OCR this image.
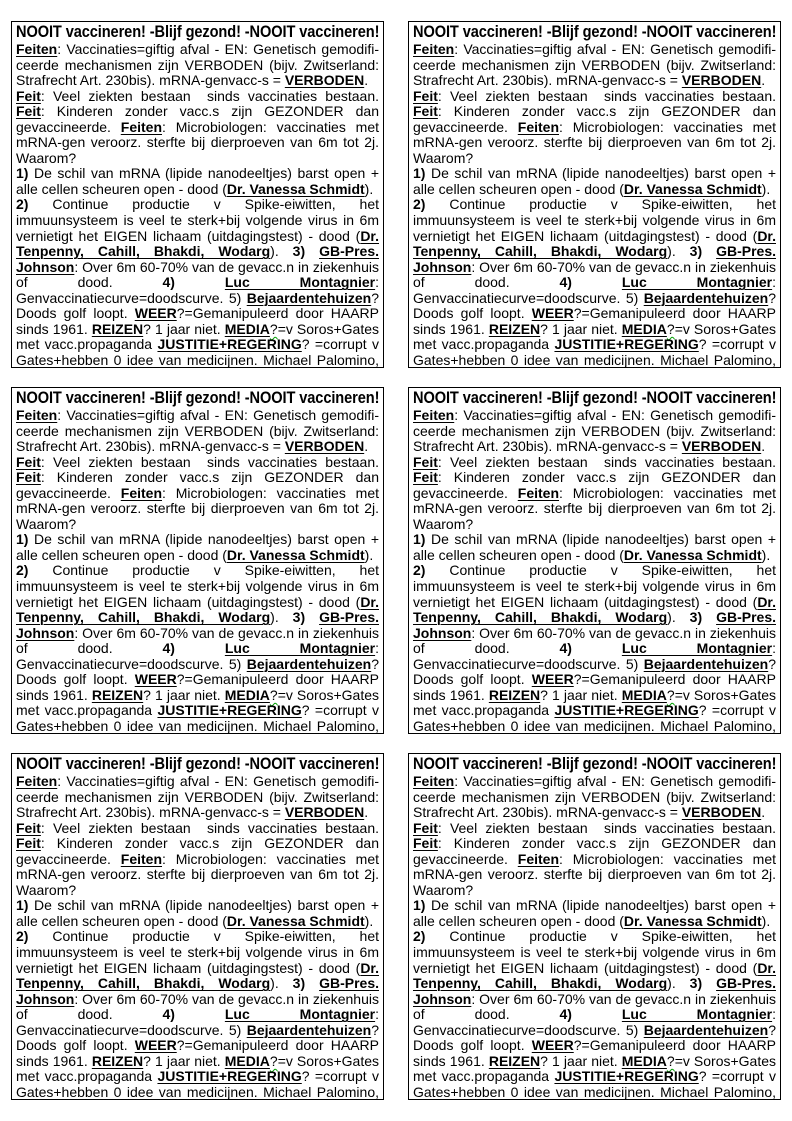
NOOIT vaccineren! -Blijf gezond! -NOOIT vaccineren!

Feiten: Vaccinaties=giftig afval - EN: Genetisch gemodificeerde mechanismen zijn VERBODEN (bijv. Zwitserland: Strafrecht Art. 230bis). mRNA-genvacc-s = VERBODEN.

Feit: Veel ziekten bestaan  sinds vaccinaties bestaan. Feit: Kinderen zonder vacc.s zijn GEZONDER dan gevaccineerde. Feiten: Microbiologen: vaccinaties met mRNA-gen veroorz. sterfte bij dierproeven van 6m tot 2j. Waarom?

1) De schil van mRNA (lipide nanodeeltjes) barst open + alle cellen scheuren open - dood (Dr. Vanessa Schmidt).

2) Continue productie v Spike-eiwitten, het immuunsysteem is veel te sterk+bij volgende virus in 6m vernietigt het EIGEN lichaam (uitdagingstest) - dood (Dr. Tenpenny, Cahill, Bhakdi, Wodarg). 3) GB-Pres. Johnson: Over 6m 60-70% van de gevacc.n in ziekenhuis of dood. 4)	Luc Montagnier: Genvaccinatiecurve=doodscurve. 5) Bejaardentehuizen? Doods golf loopt. WEER?=Gemanipuleerd door HAARP sinds 1961. REIZEN? 1 jaar niet. MEDIA?=v Soros+Gates met vacc.propaganda JUSTITIE+REGERING? =corrupt v Gates+hebben 0 idee van medicijnen. Michael Palomino,

NOOIT vaccineren! -Blijf gezond! -NOOIT vaccineren!

Feiten: Vaccinaties=giftig afval - EN: Genetisch gemodificeerde mechanismen zijn VERBODEN (bijv. Zwitserland: Strafrecht Art. 230bis). mRNA-genvacc-s = VERBODEN.

Feit: Veel ziekten bestaan  sinds vaccinaties bestaan. Feit: Kinderen zonder vacc.s zijn GEZONDER dan gevaccineerde. Feiten: Microbiologen: vaccinaties met mRNA-gen veroorz. sterfte bij dierproeven van 6m tot 2j. Waarom?

1) De schil van mRNA (lipide nanodeeltjes) barst open + alle cellen scheuren open - dood (Dr. Vanessa Schmidt).

2) Continue productie v Spike-eiwitten, het immuunsysteem is veel te sterk+bij volgende virus in 6m vernietigt het EIGEN lichaam (uitdagingstest) - dood (Dr. Tenpenny, Cahill, Bhakdi, Wodarg). 3) GB-Pres. Johnson: Over 6m 60-70% van de gevacc.n in ziekenhuis of dood. 4)	Luc Montagnier: Genvaccinatiecurve=doodscurve. 5) Bejaardentehuizen? Doods golf loopt. WEER?=Gemanipuleerd door HAARP sinds 1961. REIZEN? 1 jaar niet. MEDIA?=v Soros+Gates met vacc.propaganda JUSTITIE+REGERING? =corrupt v Gates+hebben 0 idee van medicijnen. Michael Palomino,

NOOIT vaccineren! -Blijf gezond! -NOOIT vaccineren!

Feiten: Vaccinaties=giftig afval - EN: Genetisch gemodificeerde mechanismen zijn VERBODEN (bijv. Zwitserland: Strafrecht Art. 230bis). mRNA-genvacc-s = VERBODEN.

Feit: Veel ziekten bestaan  sinds vaccinaties bestaan. Feit: Kinderen zonder vacc.s zijn GEZONDER dan gevaccineerde. Feiten: Microbiologen: vaccinaties met mRNA-gen veroorz. sterfte bij dierproeven van 6m tot 2j. Waarom?

1) De schil van mRNA (lipide nanodeeltjes) barst open + alle cellen scheuren open - dood (Dr. Vanessa Schmidt).

2) Continue productie v Spike-eiwitten, het immuunsysteem is veel te sterk+bij volgende virus in 6m vernietigt het EIGEN lichaam (uitdagingstest) - dood (Dr. Tenpenny, Cahill, Bhakdi, Wodarg). 3) GB-Pres. Johnson: Over 6m 60-70% van de gevacc.n in ziekenhuis of dood. 4)	Luc Montagnier: Genvaccinatiecurve=doodscurve. 5) Bejaardentehuizen? Doods golf loopt. WEER?=Gemanipuleerd door HAARP sinds 1961. REIZEN? 1 jaar niet. MEDIA?=v Soros+Gates met vacc.propaganda JUSTITIE+REGERING? =corrupt v Gates+hebben 0 idee van medicijnen. Michael Palomino,

NOOIT vaccineren! -Blijf gezond! -NOOIT vaccineren!

Feiten: Vaccinaties=giftig afval - EN: Genetisch gemodificeerde mechanismen zijn VERBODEN (bijv. Zwitserland: Strafrecht Art. 230bis). mRNA-genvacc-s = VERBODEN.

Feit: Veel ziekten bestaan  sinds vaccinaties bestaan. Feit: Kinderen zonder vacc.s zijn GEZONDER dan gevaccineerde. Feiten: Microbiologen: vaccinaties met mRNA-gen veroorz. sterfte bij dierproeven van 6m tot 2j. Waarom?

1) De schil van mRNA (lipide nanodeeltjes) barst open + alle cellen scheuren open - dood (Dr. Vanessa Schmidt).

2) Continue productie v Spike-eiwitten, het immuunsysteem is veel te sterk+bij volgende virus in 6m vernietigt het EIGEN lichaam (uitdagingstest) - dood (Dr. Tenpenny, Cahill, Bhakdi, Wodarg). 3) GB-Pres. Johnson: Over 6m 60-70% van de gevacc.n in ziekenhuis of dood. 4)	Luc Montagnier: Genvaccinatiecurve=doodscurve. 5) Bejaardentehuizen? Doods golf loopt. WEER?=Gemanipuleerd door HAARP sinds 1961. REIZEN? 1 jaar niet. MEDIA?=v Soros+Gates met vacc.propaganda JUSTITIE+REGERING? =corrupt v Gates+hebben 0 idee van medicijnen. Michael Palomino,

NOOIT vaccineren! -Blijf gezond! -NOOIT vaccineren!

Feiten: Vaccinaties=giftig afval - EN: Genetisch gemodificeerde mechanismen zijn VERBODEN (bijv. Zwitserland: Strafrecht Art. 230bis). mRNA-genvacc-s = VERBODEN.

Feit: Veel ziekten bestaan  sinds vaccinaties bestaan. Feit: Kinderen zonder vacc.s zijn GEZONDER dan gevaccineerde. Feiten: Microbiologen: vaccinaties met mRNA-gen veroorz. sterfte bij dierproeven van 6m tot 2j. Waarom?

1) De schil van mRNA (lipide nanodeeltjes) barst open + alle cellen scheuren open - dood (Dr. Vanessa Schmidt).

2) Continue productie v Spike-eiwitten, het immuunsysteem is veel te sterk+bij volgende virus in 6m vernietigt het EIGEN lichaam (uitdagingstest) - dood (Dr. Tenpenny, Cahill, Bhakdi, Wodarg). 3) GB-Pres. Johnson: Over 6m 60-70% van de gevacc.n in ziekenhuis of dood. 4)	Luc Montagnier: Genvaccinatiecurve=doodscurve. 5) Bejaardentehuizen? Doods golf loopt. WEER?=Gemanipuleerd door HAARP sinds 1961. REIZEN? 1 jaar niet. MEDIA?=v Soros+Gates met vacc.propaganda JUSTITIE+REGERING? =corrupt v Gates+hebben 0 idee van medicijnen. Michael Palomino,

NOOIT vaccineren! -Blijf gezond! -NOOIT vaccineren!

Feiten: Vaccinaties=giftig afval - EN: Genetisch gemodificeerde mechanismen zijn VERBODEN (bijv. Zwitserland: Strafrecht Art. 230bis). mRNA-genvacc-s = VERBODEN.

Feit: Veel ziekten bestaan  sinds vaccinaties bestaan. Feit: Kinderen zonder vacc.s zijn GEZONDER dan gevaccineerde. Feiten: Microbiologen: vaccinaties met mRNA-gen veroorz. sterfte bij dierproeven van 6m tot 2j. Waarom?

1) De schil van mRNA (lipide nanodeeltjes) barst open + alle cellen scheuren open - dood (Dr. Vanessa Schmidt).

2) Continue productie v Spike-eiwitten, het immuunsysteem is veel te sterk+bij volgende virus in 6m vernietigt het EIGEN lichaam (uitdagingstest) - dood (Dr. Tenpenny, Cahill, Bhakdi, Wodarg). 3) GB-Pres. Johnson: Over 6m 60-70% van de gevacc.n in ziekenhuis of dood. 4)	Luc Montagnier: Genvaccinatiecurve=doodscurve. 5) Bejaardentehuizen? Doods golf loopt. WEER?=Gemanipuleerd door HAARP sinds 1961. REIZEN? 1 jaar niet. MEDIA?=v Soros+Gates met vacc.propaganda JUSTITIE+REGERING? =corrupt v Gates+hebben 0 idee van medicijnen. Michael Palomino,
